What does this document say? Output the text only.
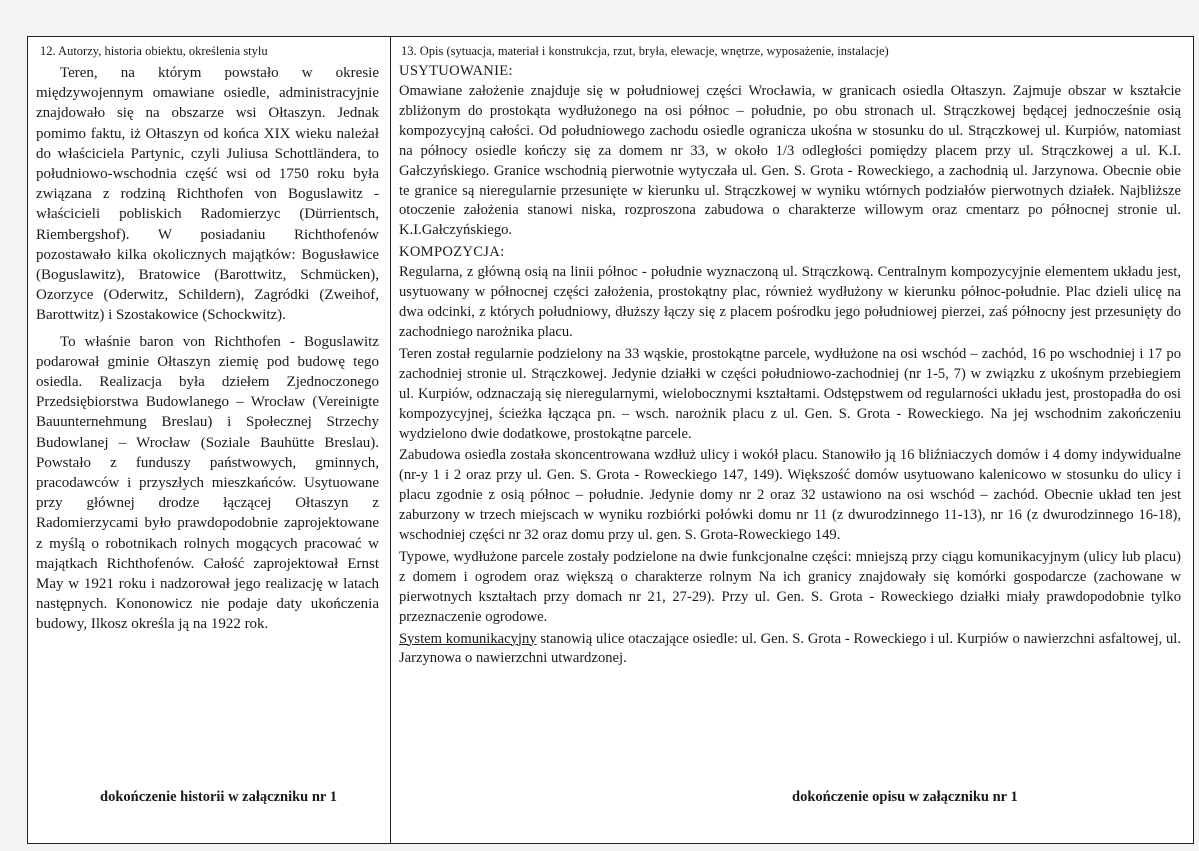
12. Autorzy, historia obiektu, określenia stylu

Teren, na którym powstało w okresie międzywojennym omawiane osiedle, administracyjnie znajdowało się na obszarze wsi Ołtaszyn. Jednak pomimo faktu, iż Ołtaszyn od końca XIX wieku należał do właściciela Partynic, czyli Juliusa Schottländera, to południowo-wschodnia część wsi od 1750 roku była związana z rodziną Richthofen von Boguslawitz - właścicieli pobliskich Radomierzyc (Dürrientsch, Riembergshof). W posiadaniu Richthofenów pozostawało kilka okolicznych majątków: Bogusławice (Boguslawitz), Bratowice (Barottwitz, Schmücken), Ozorzyce (Oderwitz, Schildern), Zagródki (Zweihof, Barottwitz) i Szostakowice (Schockwitz).

To właśnie baron von Richthofen - Boguslawitz podarował gminie Ołtaszyn ziemię pod budowę tego osiedla. Realizacja była dziełem Zjednoczonego Przedsiębiorstwa Budowlanego – Wrocław (Vereinigte Bauunternehmung Breslau) i Społecznej Strzechy Budowlanej – Wrocław (Soziale Bauhütte Breslau). Powstało z funduszy państwowych, gminnych, pracodawców i przyszłych mieszkańców. Usytuowane przy głównej drodze łączącej Ołtaszyn z Radomierzycami było prawdopodobnie zaprojektowane z myślą o robotnikach rolnych mogących pracować w majątkach Richthofenów. Całość zaprojektował Ernst May w 1921 roku i nadzorował jego realizację w latach następnych. Kononowicz nie podaje daty ukończenia budowy, Ilkosz określa ją na 1922 rok.

13. Opis (sytuacja, materiał i konstrukcja, rzut, bryła, elewacje, wnętrze, wyposażenie, instalacje)
USYTUOWANIE:

Omawiane założenie znajduje się w południowej części Wrocławia, w granicach osiedla Ołtaszyn. Zajmuje obszar w kształcie zbliżonym do prostokąta wydłużonego na osi północ – południe, po obu stronach ul. Strączkowej będącej jednocześnie osią kompozycyjną całości. Od południowego zachodu osiedle ogranicza ukośna w stosunku do ul. Strączkowej ul. Kurpiów, natomiast na północy osiedle kończy się za domem nr 33, w około 1/3 odległości pomiędzy placem przy ul. Strączkowej a ul. K.I. Gałczyńskiego. Granice wschodnią pierwotnie wytyczała ul. Gen. S. Grota - Roweckiego, a zachodnią ul. Jarzynowa. Obecnie obie te granice są nieregularnie przesunięte w kierunku ul. Strączkowej w wyniku wtórnych podziałów pierwotnych działek. Najbliższe otoczenie założenia stanowi niska, rozproszona zabudowa o charakterze willowym oraz cmentarz po północnej stronie ul. K.I.Gałczyńskiego.

KOMPOZYCJA:

Regularna, z główną osią na linii północ - południe wyznaczoną ul. Strączkową. Centralnym kompozycyjnie elementem układu jest, usytuowany w północnej części założenia, prostokątny plac, również wydłużony w kierunku północ-południe. Plac dzieli ulicę na dwa odcinki, z których południowy, dłuższy łączy się z placem pośrodku jego południowej pierzei, zaś północny jest przesunięty do zachodniego narożnika placu.

Teren został regularnie podzielony na 33 wąskie, prostokątne parcele, wydłużone na osi wschód – zachód, 16 po wschodniej i 17 po zachodniej stronie ul. Strączkowej. Jedynie działki w części południowo-zachodniej (nr 1-5, 7) w związku z ukośnym przebiegiem ul. Kurpiów, odznaczają się nieregularnymi, wielobocznymi kształtami. Odstępstwem od regularności układu jest, prostopadła do osi kompozycyjnej, ścieżka łącząca pn. – wsch. narożnik placu z ul. Gen. S. Grota - Roweckiego. Na jej wschodnim zakończeniu wydzielono dwie dodatkowe, prostokątne parcele.

Zabudowa osiedla została skoncentrowana wzdłuż ulicy i wokół placu. Stanowiło ją 16 bliźniaczych domów i 4 domy indywidualne (nr-y 1 i 2 oraz przy ul. Gen. S. Grota - Roweckiego 147, 149). Większość domów usytuowano kalenicowo w stosunku do ulicy i placu zgodnie z osią północ – południe. Jedynie domy nr 2 oraz 32 ustawiono na osi wschód – zachód. Obecnie układ ten jest zaburzony w trzech miejscach w wyniku rozbiórki połówki domu nr 11 (z dwurodzinnego 11-13), nr 16 (z dwurodzinnego 16-18), wschodniej części nr 32 oraz domu przy ul. gen. S. Grota-Roweckiego 149.

Typowe, wydłużone parcele zostały podzielone na dwie funkcjonalne części: mniejszą przy ciągu komunikacyjnym (ulicy lub placu) z domem i ogrodem oraz większą o charakterze rolnym Na ich granicy znajdowały się komórki gospodarcze (zachowane w pierwotnych kształtach przy domach nr 21, 27-29). Przy ul. Gen. S. Grota - Roweckiego działki miały prawdopodobnie tylko przeznaczenie ogrodowe.

System komunikacyjny stanowią ulice otaczające osiedle: ul. Gen. S. Grota - Roweckiego i ul. Kurpiów o nawierzchni asfaltowej, ul. Jarzynowa o nawierzchni utwardzonej.

dokończenie historii w załączniku nr 1	dokończenie opisu w załączniku nr 1
